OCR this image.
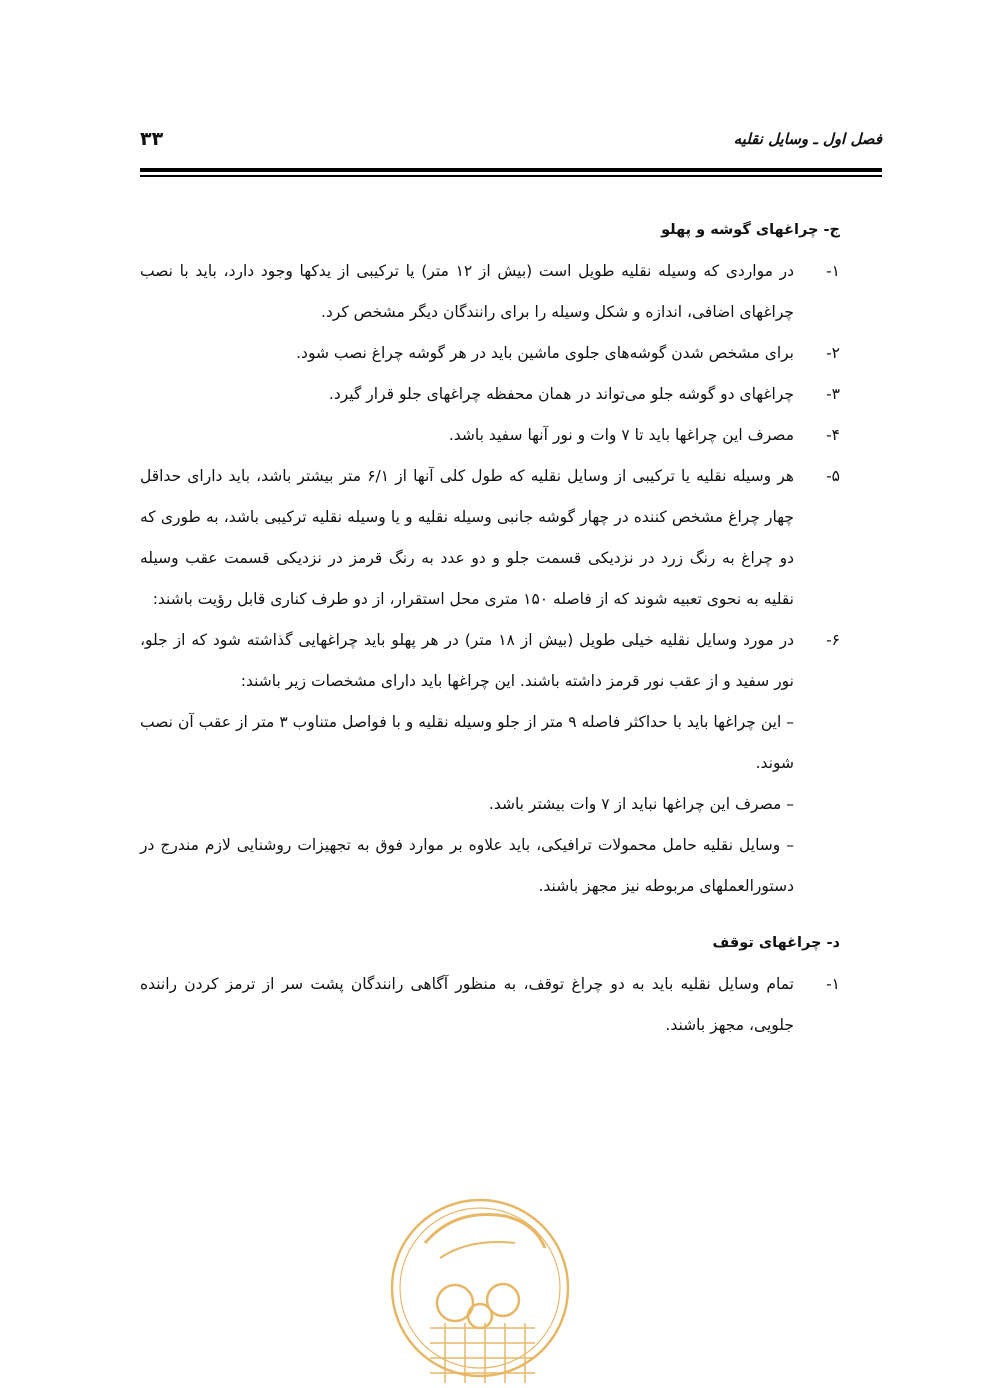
فصل اول ـ وسایل نقلیه
۳۳

ج- چراغهای گوشه و پهلو

۱-
در مواردی که وسیله نقلیه طویل است (بیش از ۱۲ متر) یا ترکیبی از یدکها وجود دارد، باید با نصب چراغهای اضافی، اندازه و شکل وسیله را برای رانندگان دیگر مشخص کرد.
۲-
برای مشخص شدن گوشه‌های جلوی ماشین باید در هر گوشه چراغ نصب شود.
۳-
چراغهای دو گوشه جلو می‌تواند در همان محفظه چراغهای جلو قرار گیرد.
۴-
مصرف این چراغها باید تا ۷ وات و نور آنها سفید باشد.
۵-
هر وسیله نقلیه یا ترکیبی از وسایل نقلیه که طول کلی آنها از ۶/۱ متر بیشتر باشد، باید دارای حداقل چهار چراغ مشخص کننده در چهار گوشه جانبی وسیله نقلیه و یا وسیله نقلیه ترکیبی باشد، به طوری که دو چراغ به رنگ زرد در نزدیکی قسمت جلو و دو عدد به رنگ قرمز در نزدیکی قسمت عقب وسیله نقلیه به نحوی تعبیه شوند که از فاصله ۱۵۰ متری محل استقرار، از دو طرف کناری قابل رؤیت باشند:
۶-
در مورد وسایل نقلیه خیلی طویل (بیش از ۱۸ متر) در هر پهلو باید چراغهایی گذاشته شود که از جلو، نور سفید و از عقب نور قرمز داشته باشند. این چراغها باید دارای مشخصات زیر باشند:
– این چراغها باید با حداکثر فاصله ۹ متر از جلو وسیله نقلیه و با فواصل متناوب ۳ متر از عقب آن نصب شوند.
– مصرف این چراغها نباید از ۷ وات بیشتر باشد.
– وسایل نقلیه حامل محمولات ترافیکی، باید علاوه بر موارد فوق به تجهیزات روشنایی لازم مندرج در دستورالعملهای مربوطه نیز مجهز باشند.

د- چراغهای توقف

۱-
تمام وسایل نقلیه باید به دو چراغ توقف، به منظور آگاهی رانندگان پشت سر از ترمز کردن راننده جلویی، مجهز باشند.
